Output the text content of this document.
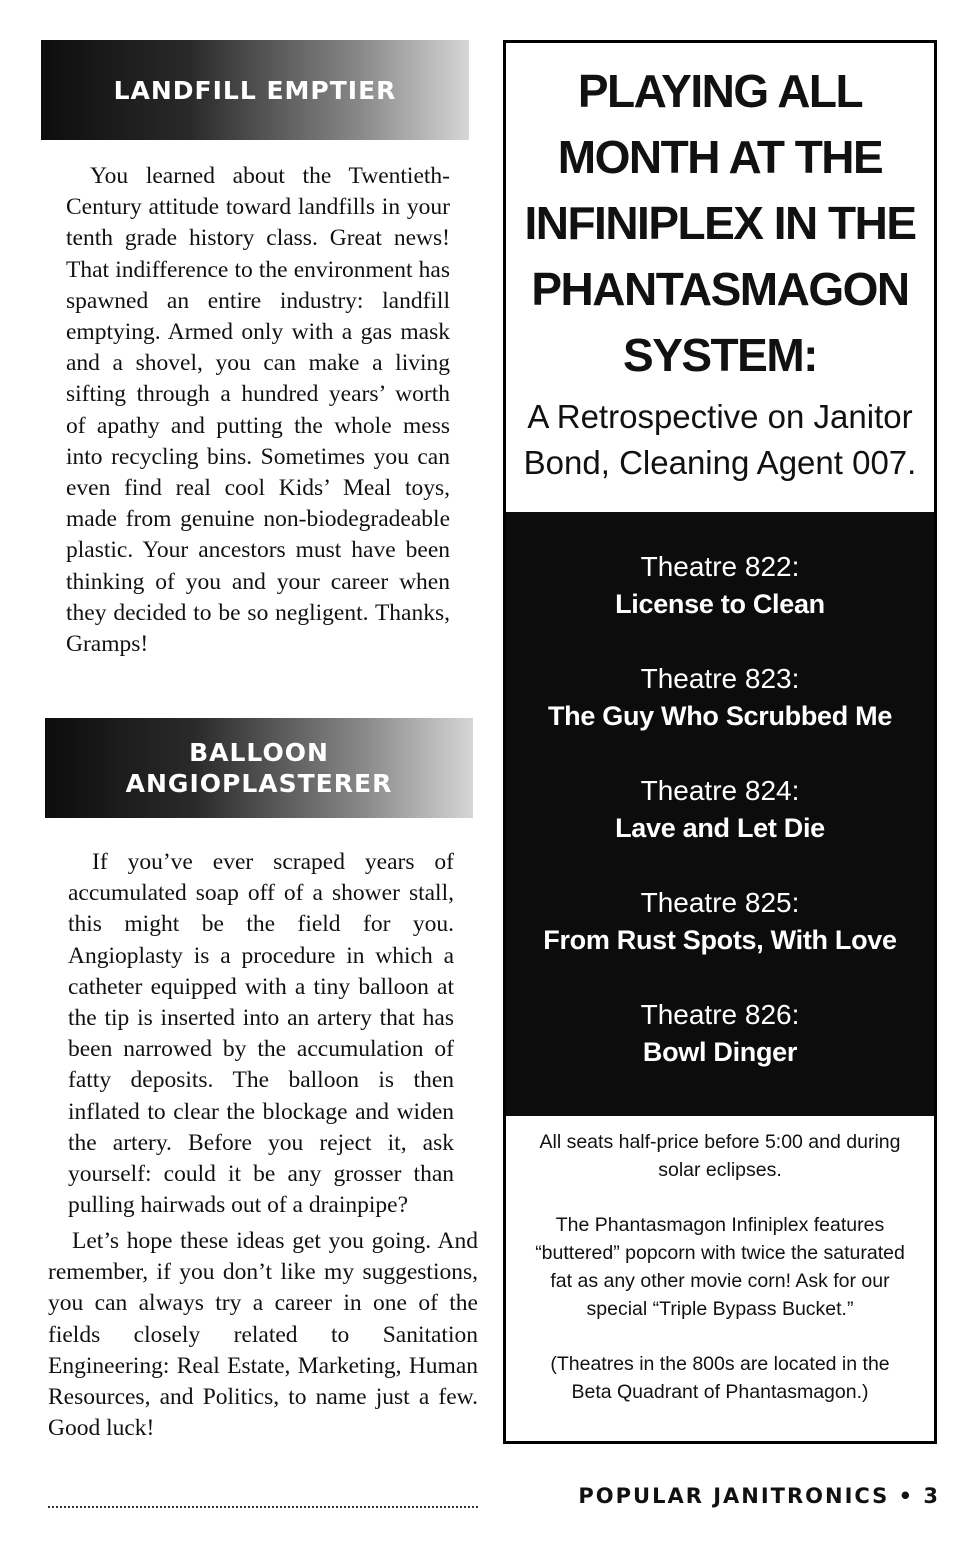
LANDFILL EMPTIER

You learned about the Twentieth-Century attitude toward landfills in your tenth grade history class. Great news! That indifference to the environment has spawned an entire industry: landfill emptying. Armed only with a gas mask and a shovel, you can make a living sifting through a hundred years’ worth of apathy and putting the whole mess into recycling bins. Sometimes you can even find real cool Kids’ Meal toys, made from genuine non-biodegradeable plastic. Your ancestors must have been thinking of you and your career when they decided to be so negligent. Thanks, Gramps!

BALLOON
ANGIOPLASTERER

If you’ve ever scraped years of accumulated soap off of a shower stall, this might be the field for you. Angioplasty is a procedure in which a catheter equipped with a tiny balloon at the tip is inserted into an artery that has been narrowed by the accumulation of fatty deposits. The balloon is then inflated to clear the blockage and widen the artery. Before you reject it, ask yourself: could it be any grosser than pulling hairwads out of a drainpipe?

Let’s hope these ideas get you going. And remember, if you don’t like my suggestions, you can always try a career in one of the fields closely related to Sanitation Engineering: Real Estate, Marketing, Human Resources, and Politics, to name just a few. Good luck!

PLAYING ALL
MONTH AT THE
INFINIPLEX IN THE
PHANTASMAGON
SYSTEM:
A Retrospective on Janitor
Bond, Cleaning Agent 007.
Theatre 822:
License to Clean
Theatre 823:
The Guy Who Scrubbed Me
Theatre 824:
Lave and Let Die
Theatre 825:
From Rust Spots, With Love
Theatre 826:
Bowl Dinger

All seats half-price before 5:00 and during solar eclipses.

The Phantasmagon Infiniplex features “buttered” popcorn with twice the saturated fat as any other movie corn! Ask for our special “Triple Bypass Bucket.”

(Theatres in the 800s are located in the Beta Quadrant of Phantasmagon.)

POPULAR JANITRONICS • 3
